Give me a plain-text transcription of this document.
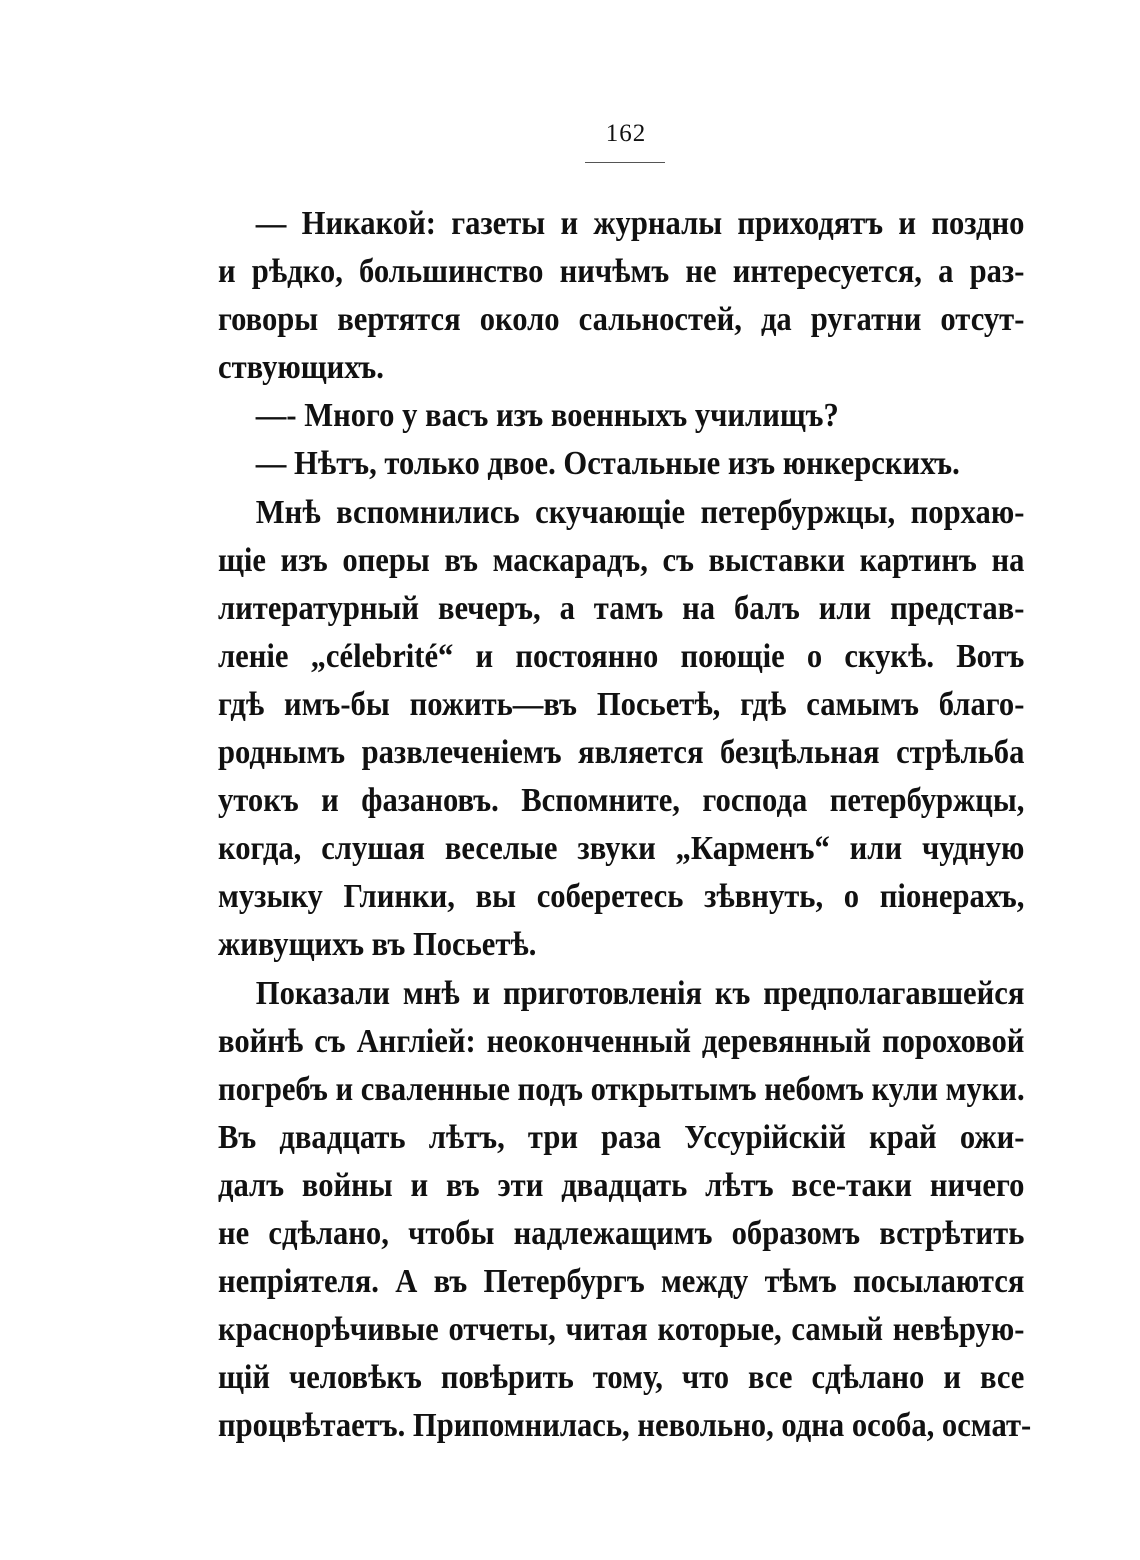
162
— Никакой: газеты и журналы приходятъ и поздно
и рѣдко, большинство ничѣмъ не интересуется, а раз-
говоры вертятся около сальностей, да ругатни отсут-
ствующихъ.
—- Много у васъ изъ военныхъ училищъ?
— Нѣтъ, только двое. Остальные изъ юнкерскихъ.
Мнѣ вспомнились скучающіе петербуржцы, порхаю-
щіе изъ оперы въ маскарадъ, съ выставки картинъ на
литературный вечеръ, а тамъ на балъ или представ-
леніе „célebrité“ и постоянно поющіе о скукѣ. Вотъ
гдѣ имъ-бы пожить—въ Посьетѣ, гдѣ самымъ благо-
роднымъ развлеченіемъ является безцѣльная стрѣльба
утокъ и фазановъ. Вспомните, господа петербуржцы,
когда, слушая веселые звуки „Карменъ“ или чудную
музыку Глинки, вы соберетесь зѣвнуть, о піонерахъ,
живущихъ въ Посьетѣ.
Показали мнѣ и приготовленія къ предполагавшейся
войнѣ съ Англіей: неоконченный деревянный пороховой
погребъ и сваленные подъ открытымъ небомъ кули муки.
Въ двадцать лѣтъ, три раза Уссурійскій край ожи-
далъ войны и въ эти двадцать лѣтъ все-таки ничего
не сдѣлано, чтобы надлежащимъ образомъ встрѣтить
непріятеля. А въ Петербургъ между тѣмъ посылаются
краснорѣчивые отчеты, читая которые, самый невѣрую-
щій человѣкъ повѣрить тому, что все сдѣлано и все
процвѣтаетъ. Припомнилась, невольно, одна особа, осмат-
